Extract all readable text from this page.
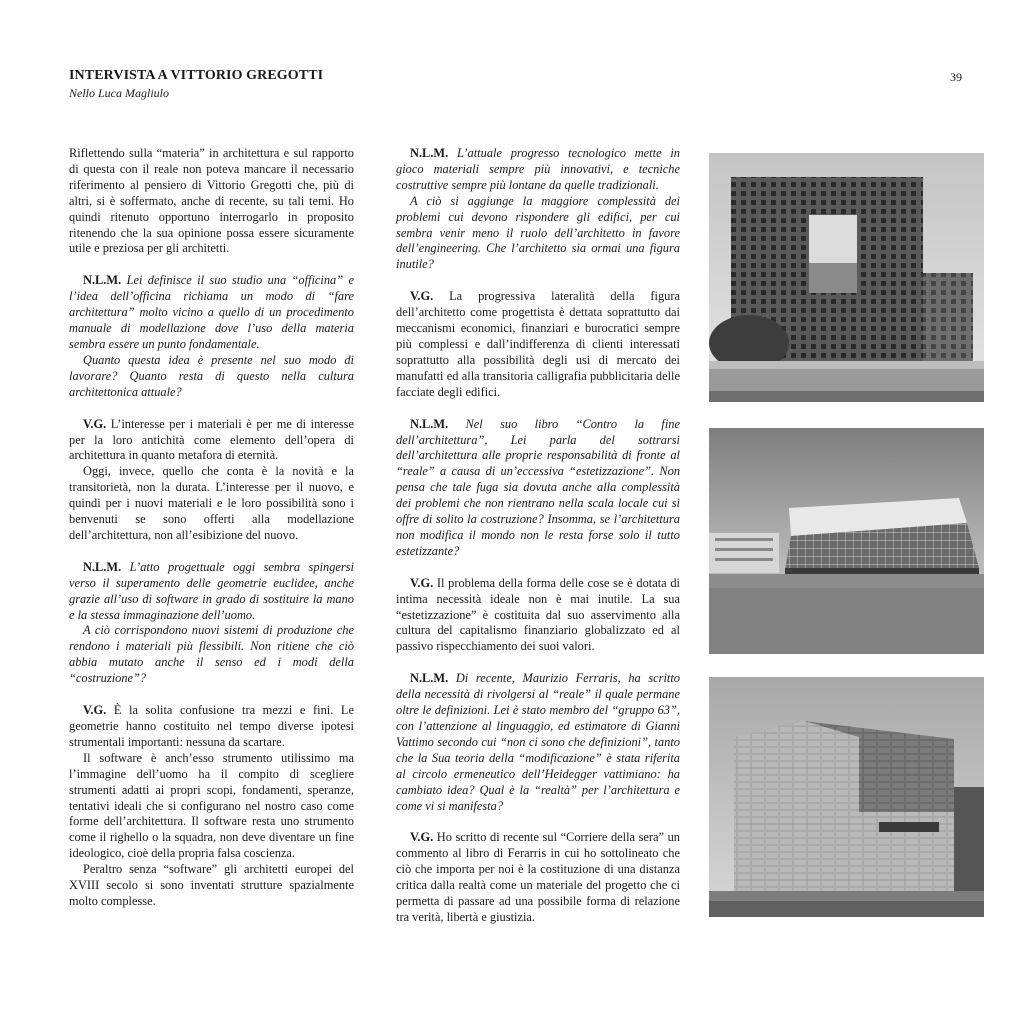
INTERVISTA A VITTORIO GREGOTTI
Nello Luca Magliulo
39

Riflettendo sulla “materia” in architettura e sul rapporto di questa con il reale non poteva mancare il necessario riferimento al pensiero di Vittorio Gregotti che, più di altri, si è soffermato, anche di recente, su tali temi. Ho quindi ritenuto opportuno interrogarlo in proposito ritenendo che la sua opinione possa essere sicuramente utile e preziosa per gli architetti.

N.L.M. Lei definisce il suo studio una “officina” e l’idea dell’officina richiama un modo di “fare architettura” molto vicino a quello di un procedimento manuale di modellazione dove l’uso della materia sembra essere un punto fondamentale.

Quanto questa idea è presente nel suo modo di lavorare? Quanto resta di questo nella cultura architettonica attuale?

V.G. L’interesse per i materiali è per me di interesse per la loro antichità come elemento dell’opera di architettura in quanto metafora di eternità.

Oggi, invece, quello che conta è la novità e la transitorietà, non la durata. L’interesse per il nuovo, e quindi per i nuovi materiali e le loro possibilità sono i benvenuti se sono offerti alla modellazione dell’architettura, non all’esibizione del nuovo.

N.L.M. L’atto progettuale oggi sembra spingersi verso il superamento delle geometrie euclidee, anche grazie all’uso di software in grado di sostituire la mano e la stessa immaginazione dell’uomo.

A ciò corrispondono nuovi sistemi di produzione che rendono i materiali più flessibili. Non ritiene che ciò abbia mutato anche il senso ed i modi della “costruzione”?

V.G. È la solita confusione tra mezzi e fini. Le geometrie hanno costituito nel tempo diverse ipotesi strumentali importanti: nessuna da scartare.

Il software è anch’esso strumento utilissimo ma l’immagine dell’uomo ha il compito di scegliere strumenti adatti ai propri scopi, fondamenti, speranze, tentativi ideali che si configurano nel nostro caso come forme dell’architettura. Il software resta uno strumento come il righello o la squadra, non deve diventare un fine ideologico, cioè della propria falsa coscienza.

Peraltro senza “software” gli architetti europei del XVIII secolo si sono inventati strutture spazialmente molto complesse.

N.L.M. L’attuale progresso tecnologico mette in gioco materiali sempre più innovativi, e tecniche costruttive sempre più lontane da quelle tradizionali.

A ciò si aggiunge la maggiore complessità dei problemi cui devono rispondere gli edifici, per cui sembra venir meno il ruolo dell’architetto in favore dell’engineering. Che l’architetto sia ormai una figura inutile?

V.G. La progressiva lateralità della figura dell’architetto come progettista è dettata soprattutto dai meccanismi economici, finanziari e burocratici sempre più complessi e dall’indifferenza di clienti interessati soprattutto alla possibilità degli usi di mercato dei manufatti ed alla transitoria calligrafia pubblicitaria delle facciate degli edifici.

N.L.M. Nel suo libro “Contro la fine dell’architettura”, Lei parla del sottrarsi dell’architettura alle proprie responsabilità di fronte al “reale” a causa di un’eccessiva “estetizzazione”. Non pensa che tale fuga sia dovuta anche alla complessità dei problemi che non rientrano nella scala locale cui si offre di solito la costruzione? Insomma, se l’architettura non modifica il mondo non le resta forse solo il tutto estetizzante?

V.G. Il problema della forma delle cose se è dotata di intima necessità ideale non è mai inutile. La sua “estetizzazione” è costituita dal suo asservimento alla cultura del capitalismo finanziario globalizzato ed al passivo rispecchiamento dei suoi valori.

N.L.M. Di recente, Maurizio Ferraris, ha scritto della necessità di rivolgersi al “reale” il quale permane oltre le definizioni. Lei è stato membro del “gruppo 63”, con l’attenzione al linguaggio, ed estimatore di Gianni Vattimo secondo cui “non ci sono che definizioni”, tanto che la Sua teoria della “modificazione” è stata riferita al circolo ermeneutico dell’Heidegger vattimiano: ha cambiato idea? Qual è la “realtà” per l’architettura e come vi si manifesta?

V.G. Ho scritto di recente sul “Corriere della sera” un commento al libro di Ferarris in cui ho sottolineato che ciò che importa per noi è la costituzione di una distanza critica dalla realtà come un materiale del progetto che ci permetta di passare ad una possibile forma di relazione tra verità, libertà e giustizia.
